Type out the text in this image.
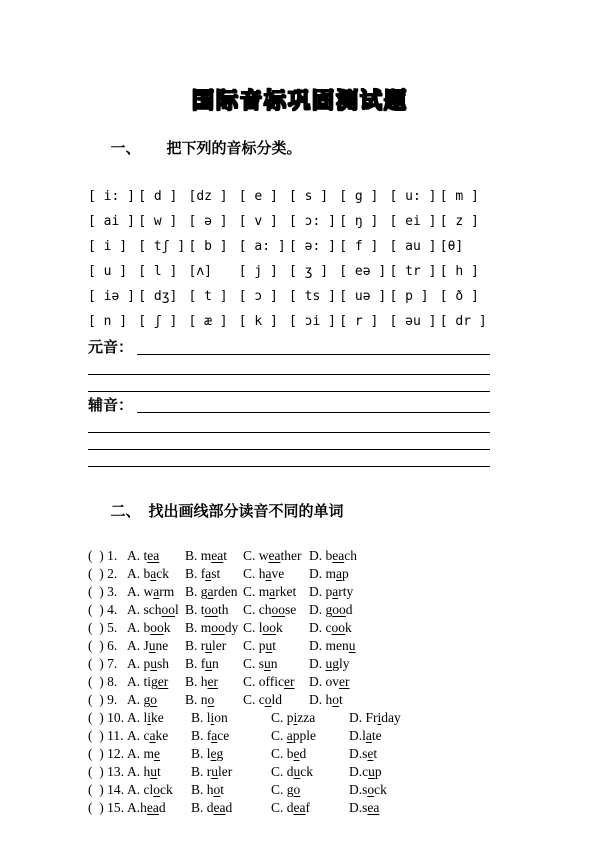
国际音标巩固测试题

一、 把下列的音标分类。

[ i: ] [ d ] [dz ] [ e ] [ s ] [ g ] [ u: ] [ m ]
[ ai ] [ w ] [ ə ] [ v ] [ ɔ: ] [ ŋ ] [ ei ] [ z ]
[ i ] [ tʃ ] [ b ] [ a: ] [ ə: ] [ f ] [ au ] [θ]
[ u ] [ l ] [ʌ]	[ j ] [ ʒ ] [ eə ] [ tr ] [ h ]
[ iə ] [ dʒ] [ t ] [ ɔ ] [ ts ] [ uə ] [ p ] [ ð ]
[ n ] [ ʃ ] [ æ ] [ k ] [ ɔi ] [ r ] [ əu ] [ dr ]
元音：
辅音：

二、 找出画线部分读音不同的单词

(  ) 1. A. tea	B. meat	C. weather D. beach
(  ) 2. A. back	B. fast	C. have	D. map
(  ) 3. A. warm B. garden C. market D. party
(  ) 4. A. school B. tooth	C. choose D. good
(  ) 5. A. book	B. moody C. look	D. cook
(  ) 6. A. June	B. ruler	C. put	D. menu
(  ) 7. A. push	B. fun	C. sun	D. ugly
(  ) 8. A. tiger	B. her	C. officer	D. over
(  ) 9. A. go	B. no	C. cold	D. hot
(  ) 10. A. like	B. lion	C. pizza	D. Friday
(  ) 11. A. cake	B. face	C. apple	D.late
(  ) 12. A. me	B. leg	C. bed	D.set
(  ) 13. A. hut	B. ruler	C. duck	D.cup
(  ) 14. A. clock	B. hot	C. go	D.sock
(  ) 15. A.head	B. dead	C. deaf	D.sea
